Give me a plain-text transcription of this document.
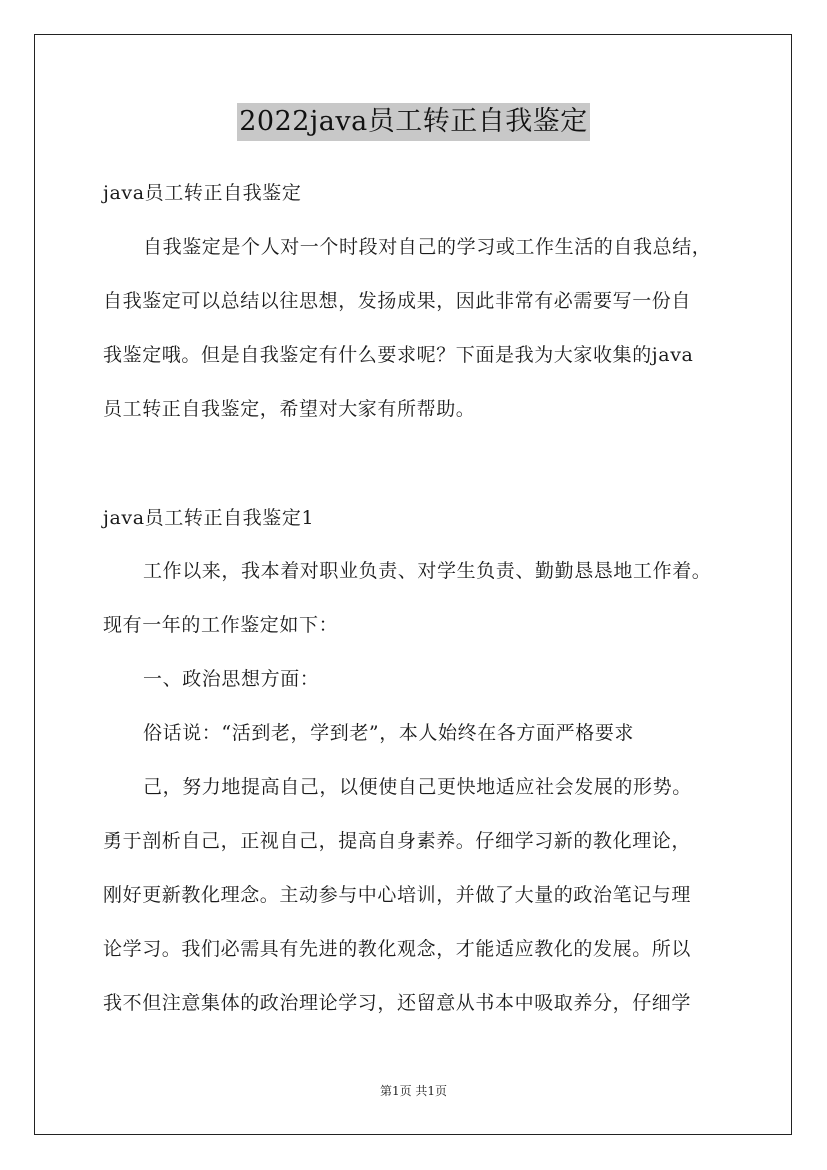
2022java员工转正自我鉴定
java员工转正自我鉴定
自我鉴定是个人对一个时段对自己的学习或工作生活的自我总结，
自我鉴定可以总结以往思想，发扬成果，因此非常有必需要写一份自
我鉴定哦。但是自我鉴定有什么要求呢？下面是我为大家收集的java
员工转正自我鉴定，希望对大家有所帮助。
java员工转正自我鉴定1
工作以来，我本着对职业负责、对学生负责、勤勤恳恳地工作着。
现有一年的工作鉴定如下：
一、政治思想方面：
俗话说：“活到老，学到老”，本人始终在各方面严格要求
己，努力地提高自己，以便使自己更快地适应社会发展的形势。
勇于剖析自己，正视自己，提高自身素养。仔细学习新的教化理论，
刚好更新教化理念。主动参与中心培训，并做了大量的政治笔记与理
论学习。我们必需具有先进的教化观念，才能适应教化的发展。所以
我不但注意集体的政治理论学习，还留意从书本中吸取养分，仔细学
第1页 共1页
